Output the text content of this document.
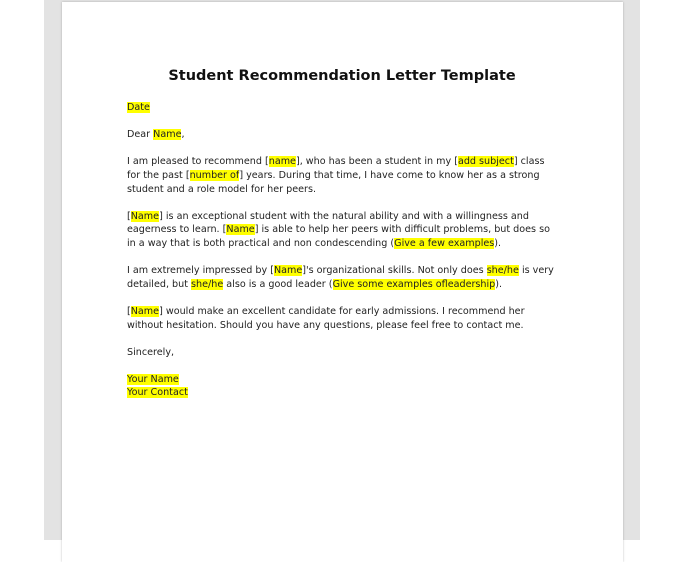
Student Recommendation Letter Template

Date

Dear Name,

I am pleased to recommend [name], who has been a student in my [add subject] class for the past [number of] years. During that time, I have come to know her as a strong student and a role model for her peers.

[Name] is an exceptional student with the natural ability and with a willingness and eagerness to learn. [Name] is able to help her peers with difficult problems, but does so in a way that is both practical and non condescending (Give a few examples).

I am extremely impressed by [Name]'s organizational skills. Not only does she/he is very detailed, but she/he also is a good leader (Give some examples ofleadership).

[Name] would make an excellent candidate for early admissions. I recommend her without hesitation. Should you have any questions, please feel free to contact me.

Sincerely,

Your Name
Your Contact
